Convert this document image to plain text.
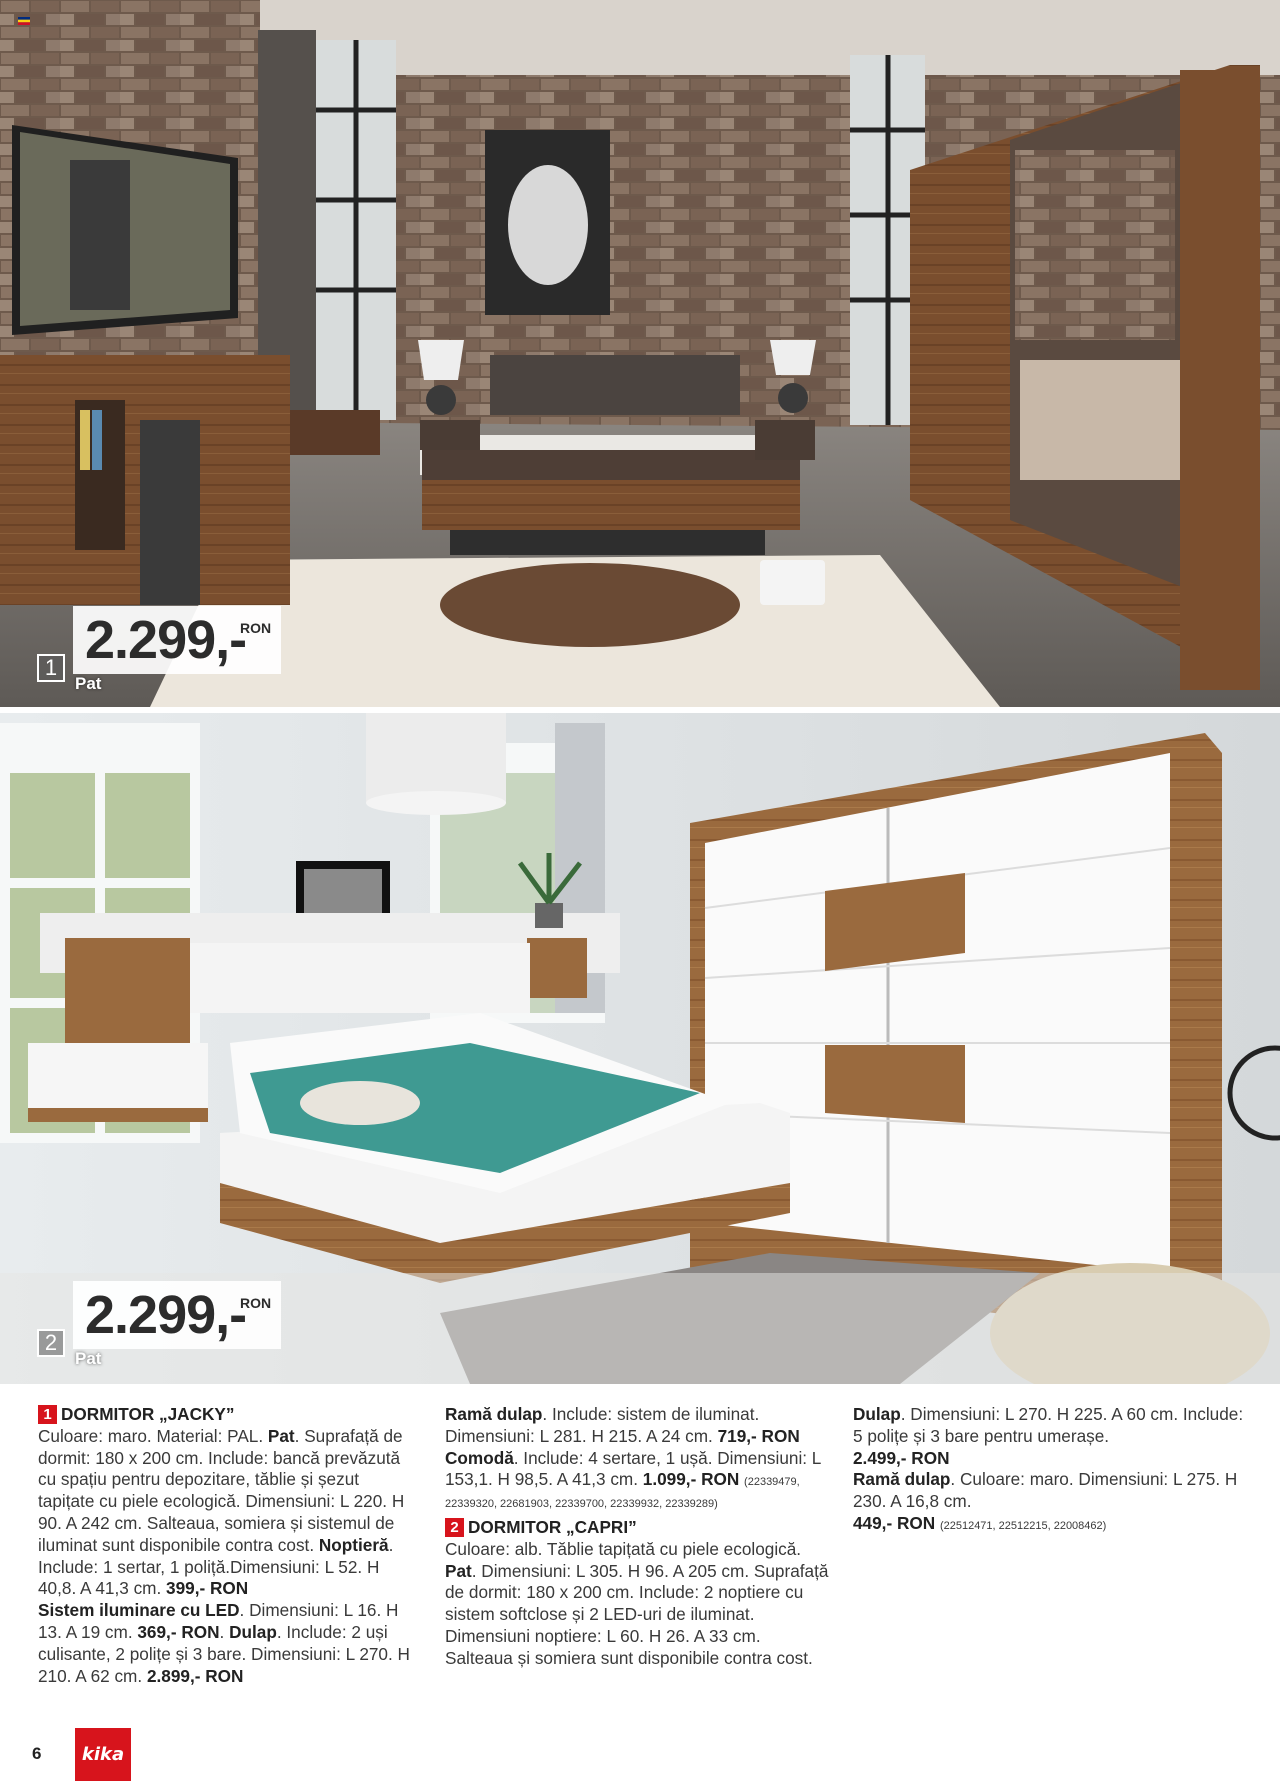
1 2.299,-
RON
Pat
2 2.299,-
RON
Pat
1 DORMITOR „JACKY”
Culoare: maro. Material: PAL. Pat. Suprafață de dormit: 180 x 200 cm. Include: bancă prevăzută cu spațiu pentru depozitare, tăblie și șezut tapițate cu piele ecologică. Dimensiuni: L 220. H 90. A 242 cm. Salteaua, somiera și sistemul de iluminat sunt disponibile contra cost. Noptieră. Include: 1 sertar, 1 poliță.Dimensiuni: L 52. H 40,8. A 41,3 cm. 399,- RON
Sistem iluminare cu LED. Dimensiuni: L 16. H 13. A 19 cm. 369,- RON. Dulap. Include: 2 uși culisante, 2 polițe și 3 bare. Dimensiuni: L 270. H 210. A 62 cm. 2.899,- RON
Ramă dulap. Include: sistem de iluminat. Dimensiuni: L 281. H 215. A 24 cm. 719,- RON
Comodă. Include: 4 sertare, 1 ușă. Dimensiuni: L 153,1. H 98,5. A 41,3 cm. 1.099,- RON (22339479, 22339320, 22681903, 22339700, 22339932, 22339289)
2 DORMITOR „CAPRI”
Culoare: alb. Tăblie tapițată cu piele ecologică. Pat. Dimensiuni: L 305. H 96. A 205 cm. Suprafață de dormit: 180 x 200 cm. Include: 2 noptiere cu sistem softclose și 2 LED-uri de iluminat. Dimensiuni noptiere: L 60. H 26. A 33 cm. Salteaua și somiera sunt disponibile contra cost.
Dulap. Dimensiuni: L 270. H 225. A 60 cm. Include: 5 polițe și 3 bare pentru umerașe.
2.499,- RON
Ramă dulap. Culoare: maro. Dimensiuni: L 275. H 230. A 16,8 cm.
449,- RON (22512471, 22512215, 22008462)
6	kika
